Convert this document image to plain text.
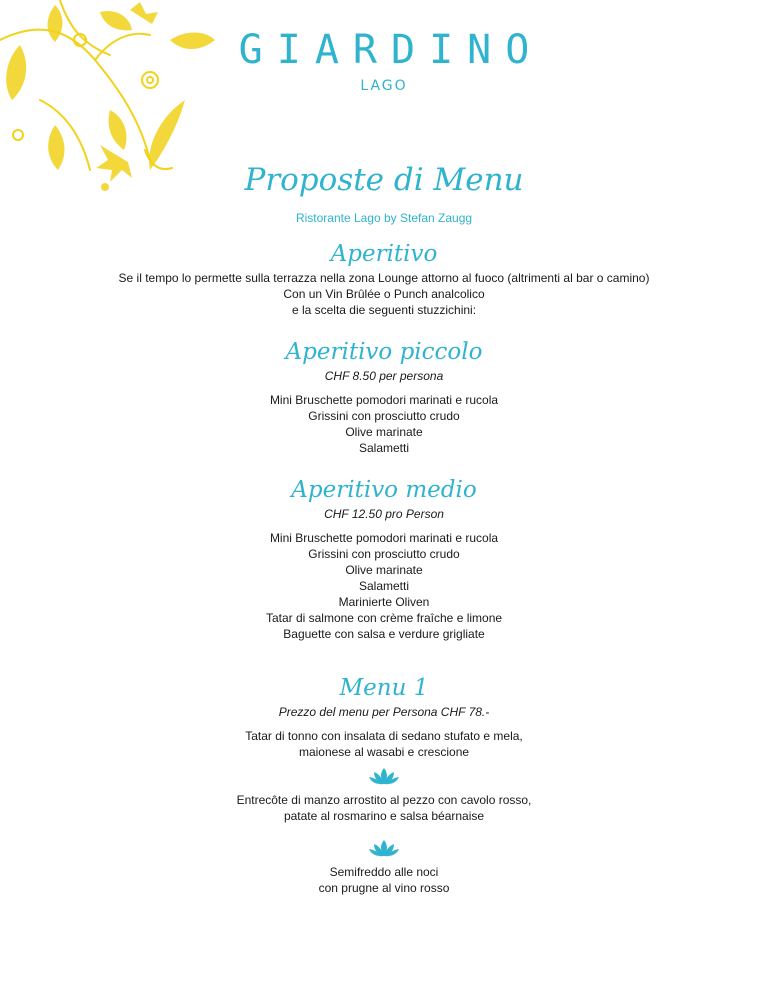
GIARDINO
LAGO
Proposte di Menu
Ristorante Lago by Stefan Zaugg
Aperitivo
Se il tempo lo permette sulla terrazza nella zona Lounge attorno al fuoco (altrimenti al bar o camino)
Con un Vin Brûlée o Punch analcolico
e la scelta die seguenti stuzzichini:
Aperitivo piccolo
CHF 8.50 per persona
Mini Bruschette pomodori marinati e rucola
Grissini con prosciutto crudo
Olive marinate
Salametti
Aperitivo medio
CHF 12.50 pro Person
Mini Bruschette pomodori marinati e rucola
Grissini con prosciutto crudo
Olive marinate
Salametti
Marinierte Oliven
Tatar di salmone con crème fraîche e limone
Baguette con salsa e verdure grigliate
Menu 1
Prezzo del menu per Persona CHF 78.-
Tatar di tonno con insalata di sedano stufato e mela,
maionese al wasabi e crescione
Entrecôte di manzo arrostito al pezzo con cavolo rosso,
patate al rosmarino e salsa béarnaise
Semifreddo alle noci
con prugne al vino rosso
